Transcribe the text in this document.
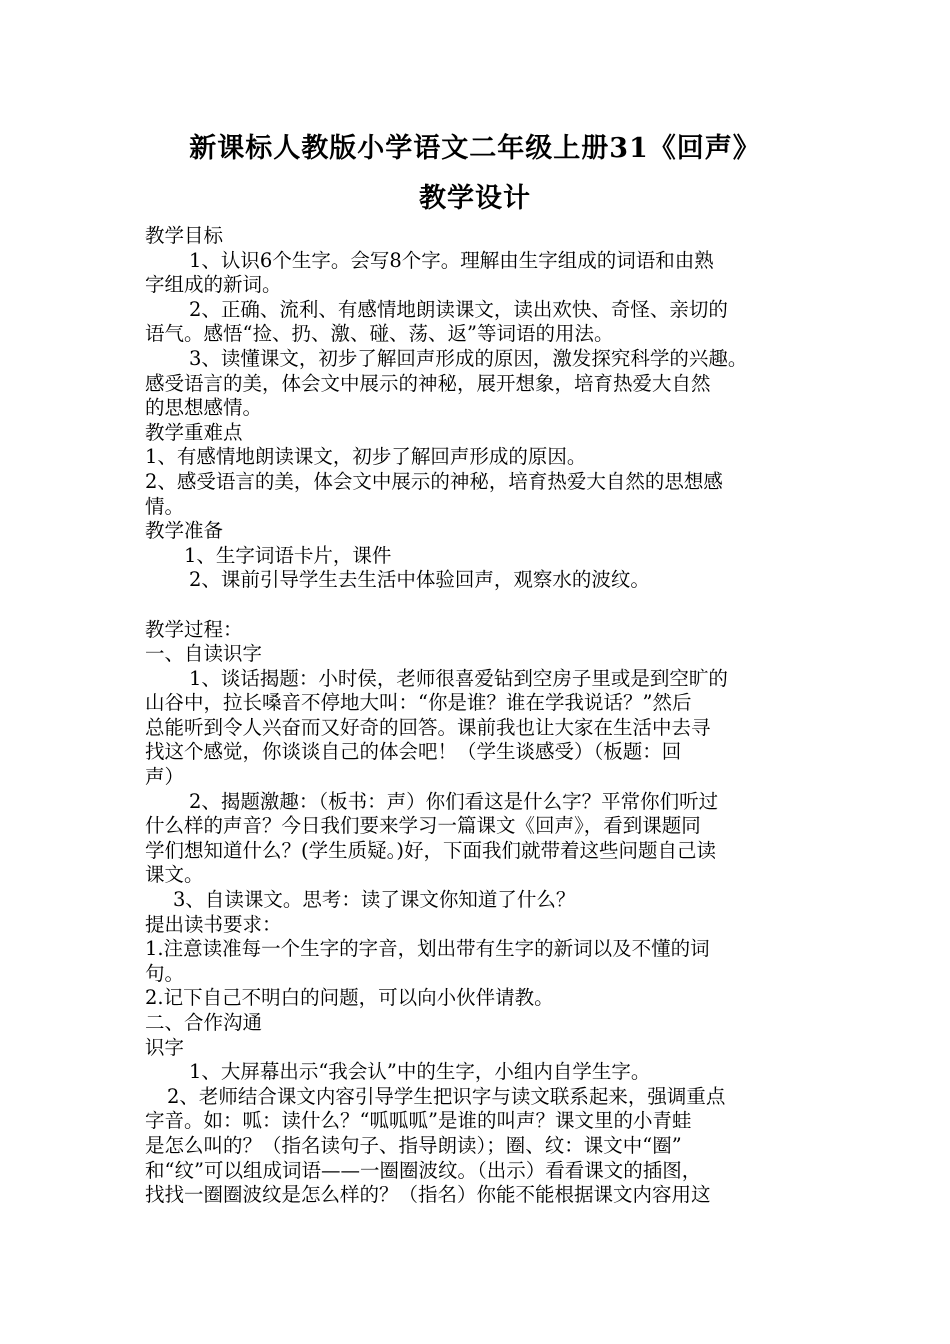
新课标人教版小学语文二年级上册31《回声》
教学设计

教学目标

1、认识6个生字。会写8个字。理解由生字组成的词语和由熟

字组成的新词。

2、正确、流利、有感情地朗读课文，读出欢快、奇怪、亲切的

语气。感悟“捡、扔、激、碰、荡、返”等词语的用法。

3、读懂课文，初步了解回声形成的原因，激发探究科学的兴趣。

感受语言的美，体会文中展示的神秘，展开想象，培育热爱大自然

的思想感情。

教学重难点

1、有感情地朗读课文，初步了解回声形成的原因。

2、感受语言的美，体会文中展示的神秘，培育热爱大自然的思想感

情。

教学准备

1、生字词语卡片，课件

2、课前引导学生去生活中体验回声，观察水的波纹。

教学过程：

一、自读识字

1、谈话揭题：小时侯，老师很喜爱钻到空房子里或是到空旷的

山谷中，拉长嗓音不停地大叫：“你是谁？谁在学我说话？”然后

总能听到令人兴奋而又好奇的回答。课前我也让大家在生活中去寻

找这个感觉，你谈谈自己的体会吧！（学生谈感受）（板题：回

声）

2、揭题激趣：（板书：声）你们看这是什么字？平常你们听过

什么样的声音？今日我们要来学习一篇课文《回声》，看到课题同

学们想知道什么？(学生质疑。)好，下面我们就带着这些问题自己读

课文。

3、自读课文。思考：读了课文你知道了什么？

提出读书要求：

1.注意读准每一个生字的字音，划出带有生字的新词以及不懂的词

句。

2.记下自己不明白的问题，可以向小伙伴请教。

二、合作沟通

识字

1、大屏幕出示“我会认”中的生字，小组内自学生字。

2、老师结合课文内容引导学生把识字与读文联系起来，强调重点

字音。如：呱：读什么？“呱呱呱”是谁的叫声？课文里的小青蛙

是怎么叫的？（指名读句子、指导朗读）；圈、纹：课文中“圈”

和“纹”可以组成词语——一圈圈波纹。（出示）看看课文的插图，

找找一圈圈波纹是怎么样的？（指名）你能不能根据课文内容用这
